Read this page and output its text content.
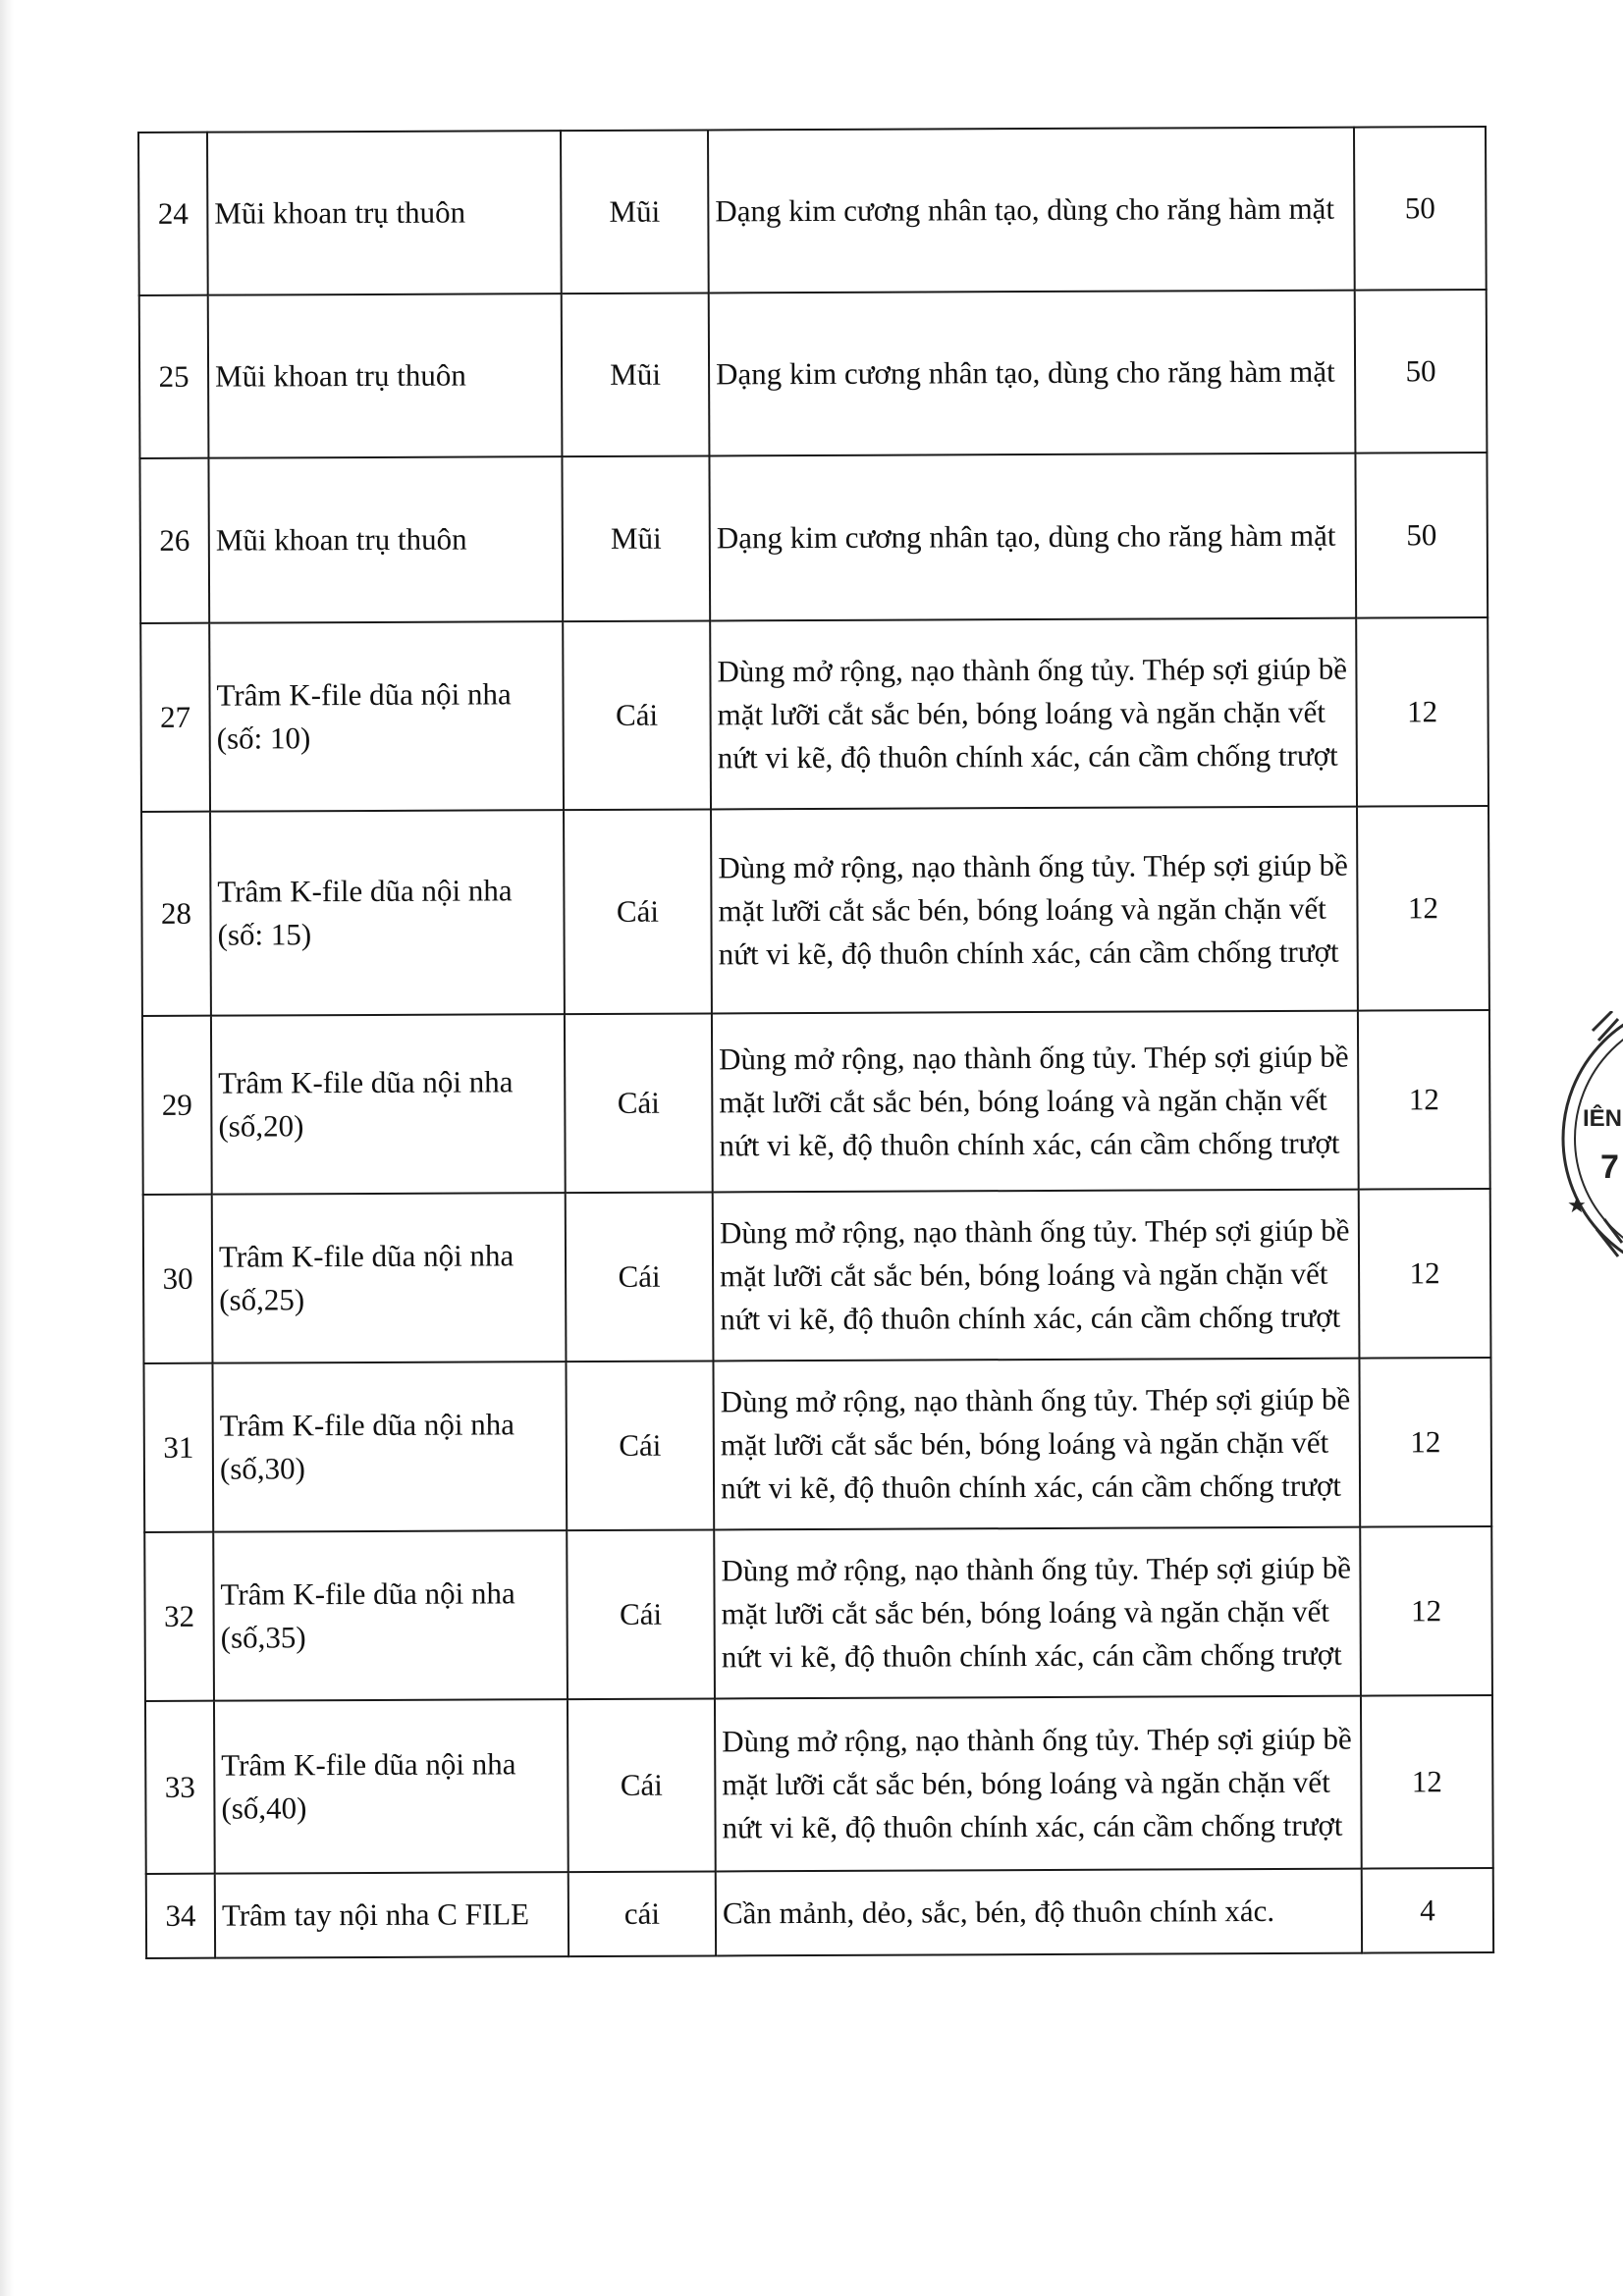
24	Mũi khoan trụ thuôn	Mũi	Dạng kim cương nhân tạo, dùng cho răng hàm mặt	50
25	Mũi khoan trụ thuôn	Mũi	Dạng kim cương nhân tạo, dùng cho răng hàm mặt	50
26	Mũi khoan trụ thuôn	Mũi	Dạng kim cương nhân tạo, dùng cho răng hàm mặt	50
27	Trâm K-file dũa nội nha (số: 10)	Cái	Dùng mở rộng, nạo thành ống tủy. Thép sợi giúp bề mặt lưỡi cắt sắc bén, bóng loáng và ngăn chặn vết nứt vi kẽ, độ thuôn chính xác, cán cầm chống trượt	12
28	Trâm K-file dũa nội nha (số: 15)	Cái	Dùng mở rộng, nạo thành ống tủy. Thép sợi giúp bề mặt lưỡi cắt sắc bén, bóng loáng và ngăn chặn vết nứt vi kẽ, độ thuôn chính xác, cán cầm chống trượt	12
29	Trâm K-file dũa nội nha (số,20)	Cái	Dùng mở rộng, nạo thành ống tủy. Thép sợi giúp bề mặt lưỡi cắt sắc bén, bóng loáng và ngăn chặn vết nứt vi kẽ, độ thuôn chính xác, cán cầm chống trượt	12
30	Trâm K-file dũa nội nha (số,25)	Cái	Dùng mở rộng, nạo thành ống tủy. Thép sợi giúp bề mặt lưỡi cắt sắc bén, bóng loáng và ngăn chặn vết nứt vi kẽ, độ thuôn chính xác, cán cầm chống trượt	12
31	Trâm K-file dũa nội nha (số,30)	Cái	Dùng mở rộng, nạo thành ống tủy. Thép sợi giúp bề mặt lưỡi cắt sắc bén, bóng loáng và ngăn chặn vết nứt vi kẽ, độ thuôn chính xác, cán cầm chống trượt	12
32	Trâm K-file dũa nội nha (số,35)	Cái	Dùng mở rộng, nạo thành ống tủy. Thép sợi giúp bề mặt lưỡi cắt sắc bén, bóng loáng và ngăn chặn vết nứt vi kẽ, độ thuôn chính xác, cán cầm chống trượt	12
33	Trâm K-file dũa nội nha (số,40)	Cái	Dùng mở rộng, nạo thành ống tủy. Thép sợi giúp bề mặt lưỡi cắt sắc bén, bóng loáng và ngăn chặn vết nứt vi kẽ, độ thuôn chính xác, cán cầm chống trượt	12
34	Trâm tay nội nha C FILE	cái	Cần mảnh, dẻo, sắc, bén, độ thuôn chính xác.	4
★
IÊN
7
